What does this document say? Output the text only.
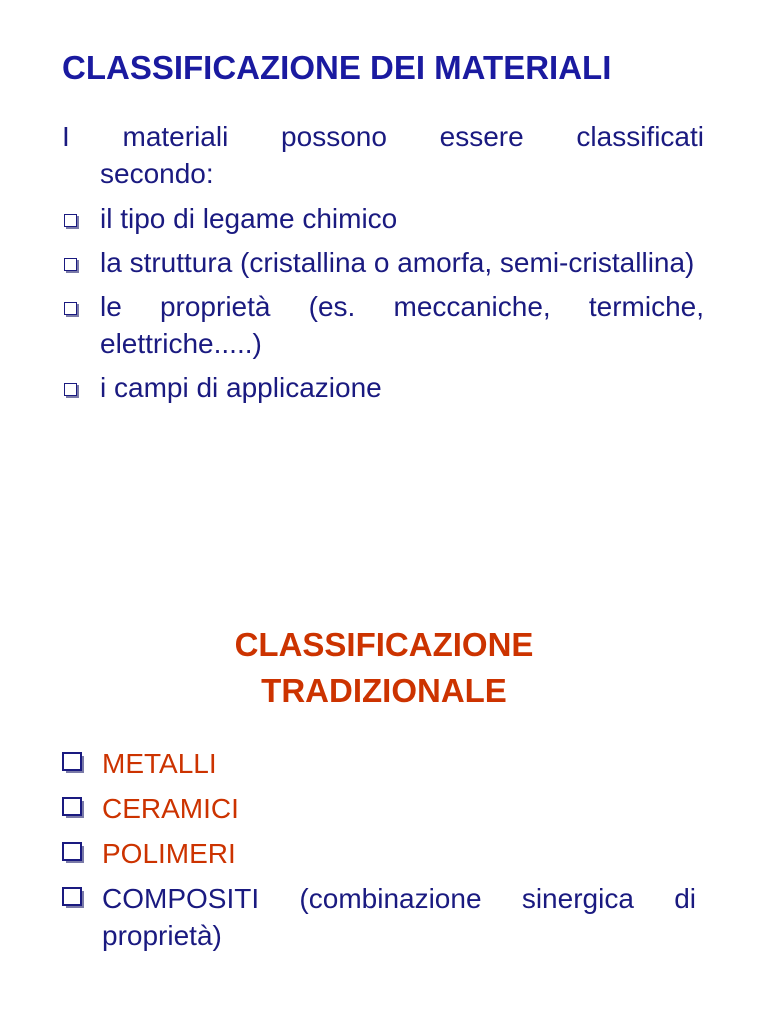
CLASSIFICAZIONE DEI MATERIALI
I materiali possono essere classificati
secondo:
il tipo di legame chimico
la struttura (cristallina o amorfa, semi-cristallina)
le proprietà (es. meccaniche, termiche, elettriche.....)
i campi di applicazione
CLASSIFICAZIONE
TRADIZIONALE
METALLI
CERAMICI
POLIMERI
COMPOSITI (combinazione sinergica di proprietà)
